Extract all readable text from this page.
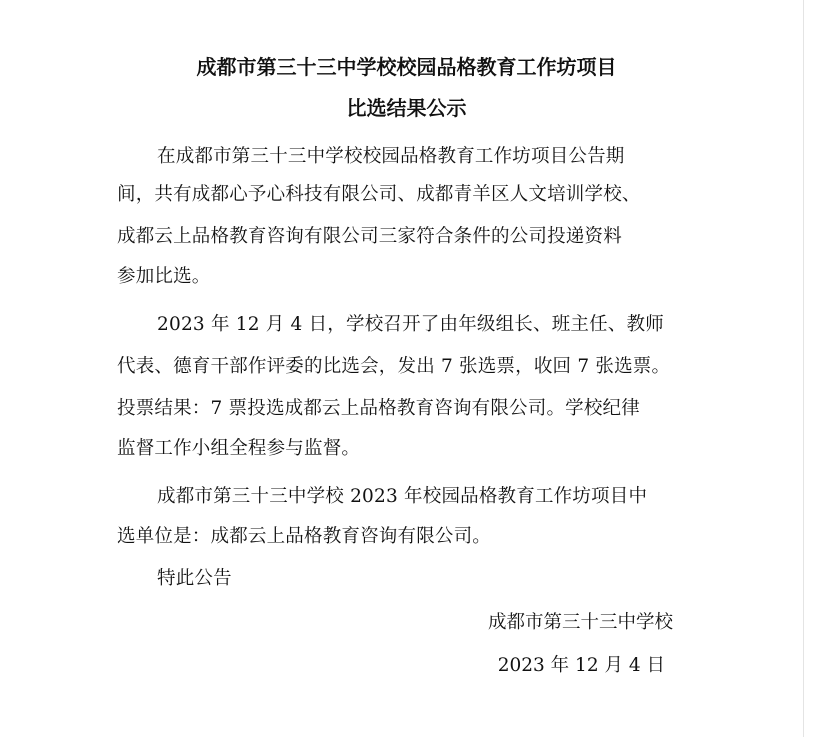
成都市第三十三中学校校园品格教育工作坊项目
比选结果公示
在成都市第三十三中学校校园品格教育工作坊项目公告期
间，共有成都心予心科技有限公司、成都青羊区人文培训学校、
成都云上品格教育咨询有限公司三家符合条件的公司投递资料
参加比选。
2023 年 12 月 4 日，学校召开了由年级组长、班主任、教师
代表、德育干部作评委的比选会，发出 7 张选票，收回 7 张选票。
投票结果：7 票投选成都云上品格教育咨询有限公司。学校纪律
监督工作小组全程参与监督。
成都市第三十三中学校 2023 年校园品格教育工作坊项目中
选单位是：成都云上品格教育咨询有限公司。
特此公告
成都市第三十三中学校
2023 年 12 月 4 日
